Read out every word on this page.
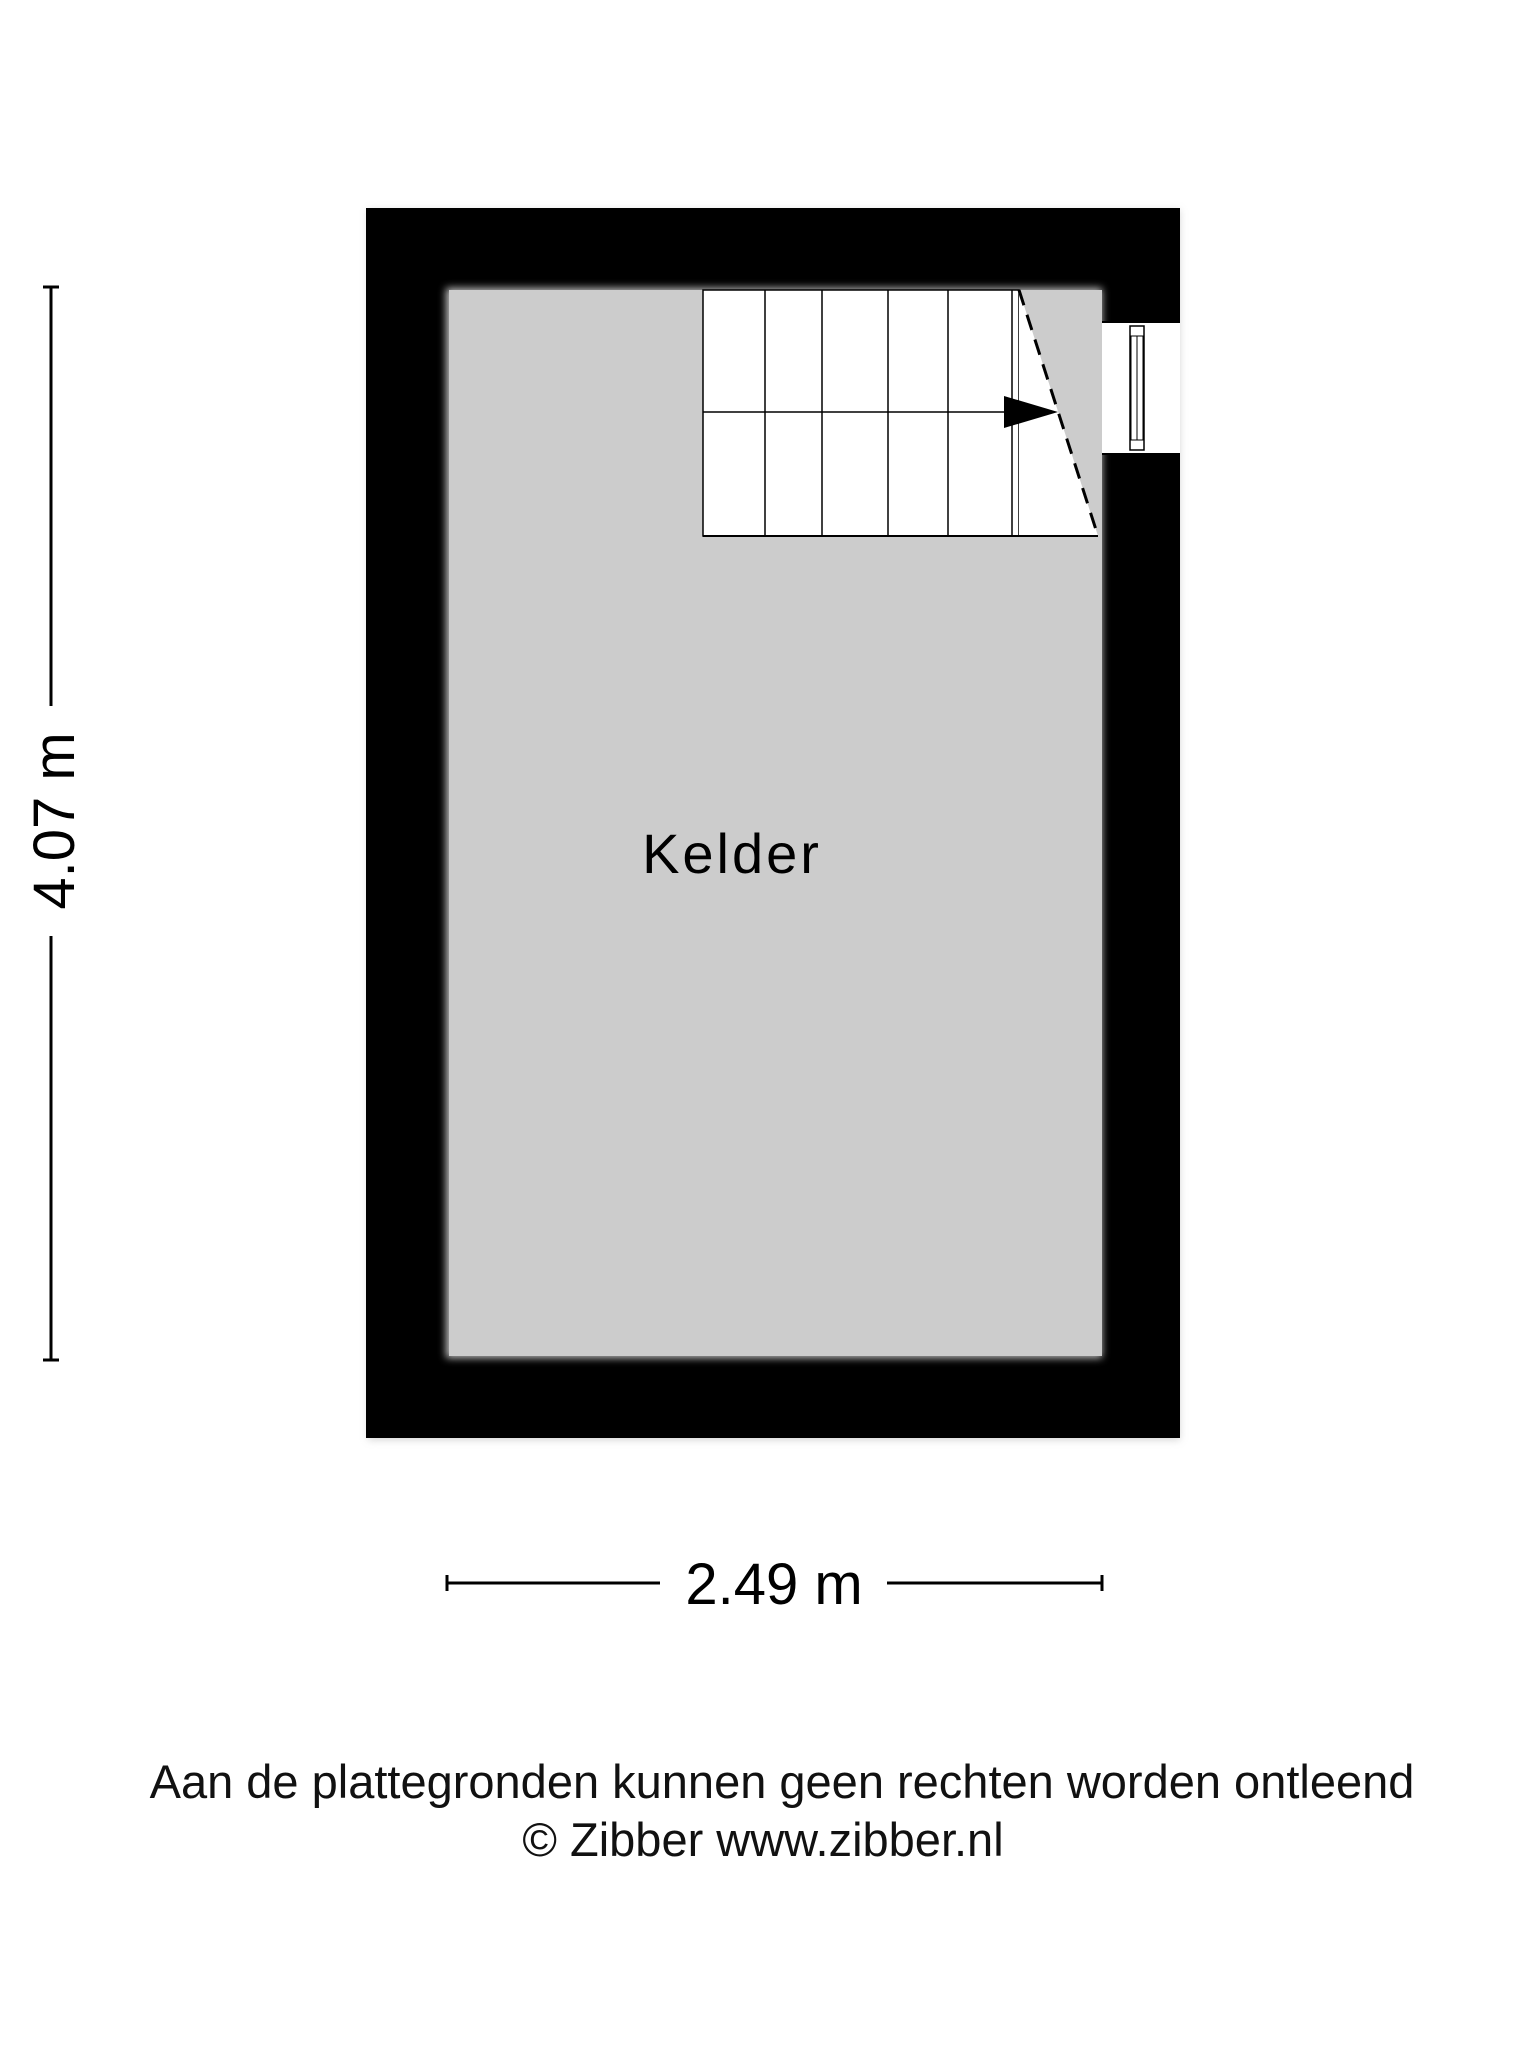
Kelder
4.07 m
2.49 m
Aan de plattegronden kunnen geen rechten worden ontleend
© Zibber www.zibber.nl
